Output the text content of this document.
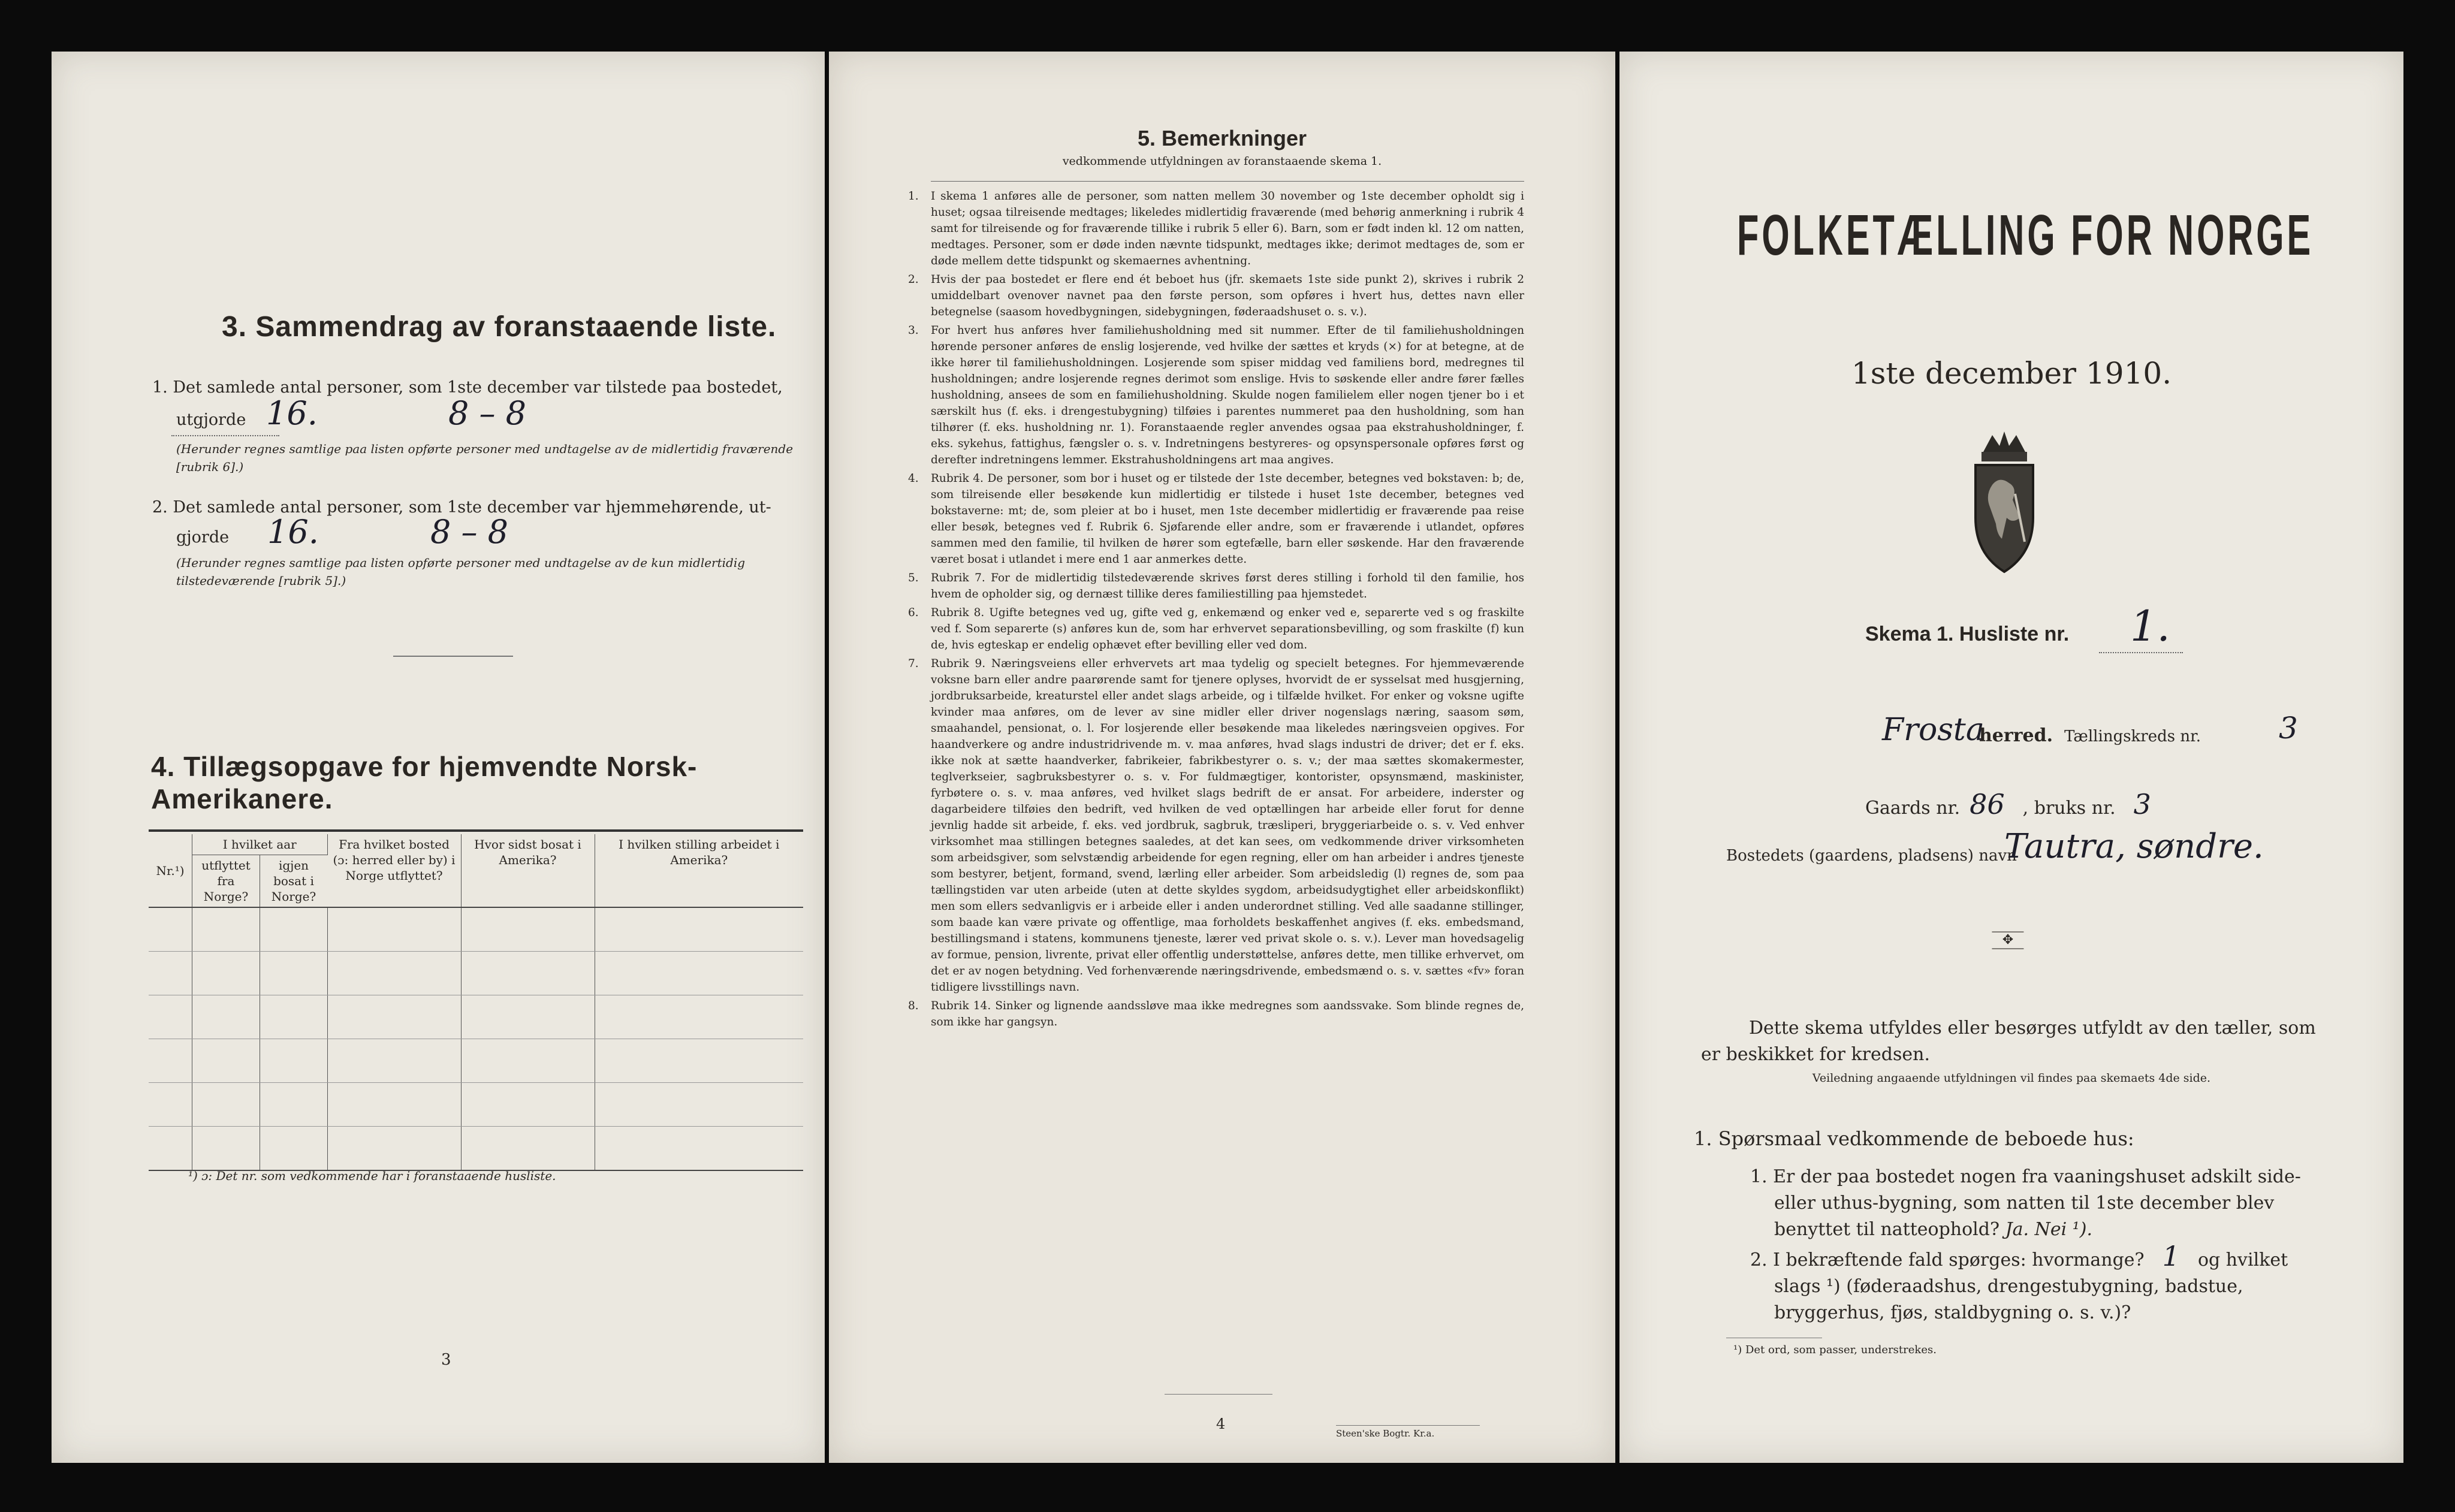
3. Sammendrag av foranstaaende liste.
1. Det samlede antal personer, som 1ste december var tilstede paa bostedet,
utgjorde 16.	8 – 8
(Herunder regnes samtlige paa listen opførte personer med undtagelse av de midlertidig fraværende [rubrik 6].)
2. Det samlede antal personer, som 1ste december var hjemmehørende, ut-
gjorde 16.	8 – 8
(Herunder regnes samtlige paa listen opførte personer med undtagelse av de kun midlertidig tilstedeværende [rubrik 5].)
4. Tillægsopgave for hjemvendte Norsk-Amerikanere.
Nr.¹)	I hvilket aar		Fra hvilket bosted (ɔ: herred eller by) i Norge utflyttet?	Hvor sidst bosat i Amerika?	I hvilken stilling arbeidet i Amerika?
	utflyttet fra Norge?	igjen bosat i Norge?			

¹) ɔ: Det nr. som vedkommende har i foranstaaende husliste.
3
5. Bemerkninger
vedkommende utfyldningen av foranstaaende skema 1.

1. I skema 1 anføres alle de personer, som natten mellem 30 november og 1ste december opholdt sig i huset; ogsaa tilreisende medtages; likeledes midlertidig fraværende (med behørig anmerkning i rubrik 4 samt for tilreisende og for fraværende tillike i rubrik 5 eller 6). Barn, som er født inden kl. 12 om natten, medtages. Personer, som er døde inden nævnte tidspunkt, medtages ikke; derimot medtages de, som er døde mellem dette tidspunkt og skemaernes avhentning.

2. Hvis der paa bostedet er flere end ét beboet hus (jfr. skemaets 1ste side punkt 2), skrives i rubrik 2 umiddelbart ovenover navnet paa den første person, som opføres i hvert hus, dettes navn eller betegnelse (saasom hovedbygningen, sidebygningen, føderaadshuset o. s. v.).

3. For hvert hus anføres hver familiehusholdning med sit nummer. Efter de til familiehusholdningen hørende personer anføres de enslig losjerende, ved hvilke der sættes et kryds (×) for at betegne, at de ikke hører til familiehusholdningen. Losjerende som spiser middag ved familiens bord, medregnes til husholdningen; andre losjerende regnes derimot som enslige. Hvis to søskende eller andre fører fælles husholdning, ansees de som en familiehusholdning. Skulde nogen familielem eller nogen tjener bo i et særskilt hus (f. eks. i drengestubygning) tilføies i parentes nummeret paa den husholdning, som han tilhører (f. eks. husholdning nr. 1). Foranstaaende regler anvendes ogsaa paa ekstrahusholdninger, f. eks. sykehus, fattighus, fængsler o. s. v. Indretningens bestyreres- og opsynspersonale opføres først og derefter indretningens lemmer. Ekstrahusholdningens art maa angives.

4. Rubrik 4. De personer, som bor i huset og er tilstede der 1ste december, betegnes ved bokstaven: b; de, som tilreisende eller besøkende kun midlertidig er tilstede i huset 1ste december, betegnes ved bokstaverne: mt; de, som pleier at bo i huset, men 1ste december midlertidig er fraværende paa reise eller besøk, betegnes ved f. Rubrik 6. Sjøfarende eller andre, som er fraværende i utlandet, opføres sammen med den familie, til hvilken de hører som egtefælle, barn eller søskende. Har den fraværende været bosat i utlandet i mere end 1 aar anmerkes dette.

5. Rubrik 7. For de midlertidig tilstedeværende skrives først deres stilling i forhold til den familie, hos hvem de opholder sig, og dernæst tillike deres familiestilling paa hjemstedet.

6. Rubrik 8. Ugifte betegnes ved ug, gifte ved g, enkemænd og enker ved e, separerte ved s og fraskilte ved f. Som separerte (s) anføres kun de, som har erhvervet separationsbevilling, og som fraskilte (f) kun de, hvis egteskap er endelig ophævet efter bevilling eller ved dom.

7. Rubrik 9. Næringsveiens eller erhvervets art maa tydelig og specielt betegnes. For hjemmeværende voksne barn eller andre paarørende samt for tjenere oplyses, hvorvidt de er sysselsat med husgjerning, jordbruksarbeide, kreaturstel eller andet slags arbeide, og i tilfælde hvilket. For enker og voksne ugifte kvinder maa anføres, om de lever av sine midler eller driver nogenslags næring, saasom søm, smaahandel, pensionat, o. l. For losjerende eller besøkende maa likeledes næringsveien opgives. For haandverkere og andre industridrivende m. v. maa anføres, hvad slags industri de driver; det er f. eks. ikke nok at sætte haandverker, fabrikeier, fabrikbestyrer o. s. v.; der maa sættes skomakermester, teglverkseier, sagbruksbestyrer o. s. v. For fuldmægtiger, kontorister, opsynsmænd, maskinister, fyrbøtere o. s. v. maa anføres, ved hvilket slags bedrift de er ansat. For arbeidere, inderster og dagarbeidere tilføies den bedrift, ved hvilken de ved optællingen har arbeide eller forut for denne jevnlig hadde sit arbeide, f. eks. ved jordbruk, sagbruk, træsliperi, bryggeriarbeide o. s. v. Ved enhver virksomhet maa stillingen betegnes saaledes, at det kan sees, om vedkommende driver virksomheten som arbeidsgiver, som selvstændig arbeidende for egen regning, eller om han arbeider i andres tjeneste som bestyrer, betjent, formand, svend, lærling eller arbeider. Som arbeidsledig (l) regnes de, som paa tællingstiden var uten arbeide (uten at dette skyldes sygdom, arbeidsudygtighet eller arbeidskonflikt) men som ellers sedvanligvis er i arbeide eller i anden underordnet stilling. Ved alle saadanne stillinger, som baade kan være private og offentlige, maa forholdets beskaffenhet angives (f. eks. embedsmand, bestillingsmand i statens, kommunens tjeneste, lærer ved privat skole o. s. v.). Lever man hovedsagelig av formue, pension, livrente, privat eller offentlig understøttelse, anføres dette, men tillike erhvervet, om det er av nogen betydning. Ved forhenværende næringsdrivende, embedsmænd o. s. v. sættes «fv» foran tidligere livsstillings navn.

8. Rubrik 14. Sinker og lignende aandssløve maa ikke medregnes som aandssvake. Som blinde regnes de, som ikke har gangsyn.

4
Steen'ske Bogtr. Kr.a.
FOLKETÆLLING FOR NORGE
1ste december 1910.
Skema 1. Husliste nr. 1.
Frosta
herred. Tællingskreds nr.	3
Gaards nr. 86 , bruks nr. 3
Bostedets (gaardens, pladsens) navn
Tautra, søndre.
⸻✥⸻
Dette skema utfyldes eller besørges utfyldt av den tæller, som er beskikket for kredsen.
Veiledning angaaende utfyldningen vil findes paa skemaets 4de side.
1. Spørsmaal vedkommende de beboede hus:
1. Er der paa bostedet nogen fra vaaningshuset adskilt side- eller uthus-bygning, som natten til 1ste december blev benyttet til natteophold? Ja. Nei ¹).
2. I bekræftende fald spørges: hvormange? 1 og hvilket slags ¹) (føderaadshus, drengestubygning, badstue, bryggerhus, fjøs, staldbygning o. s. v.)?
¹) Det ord, som passer, understrekes.
